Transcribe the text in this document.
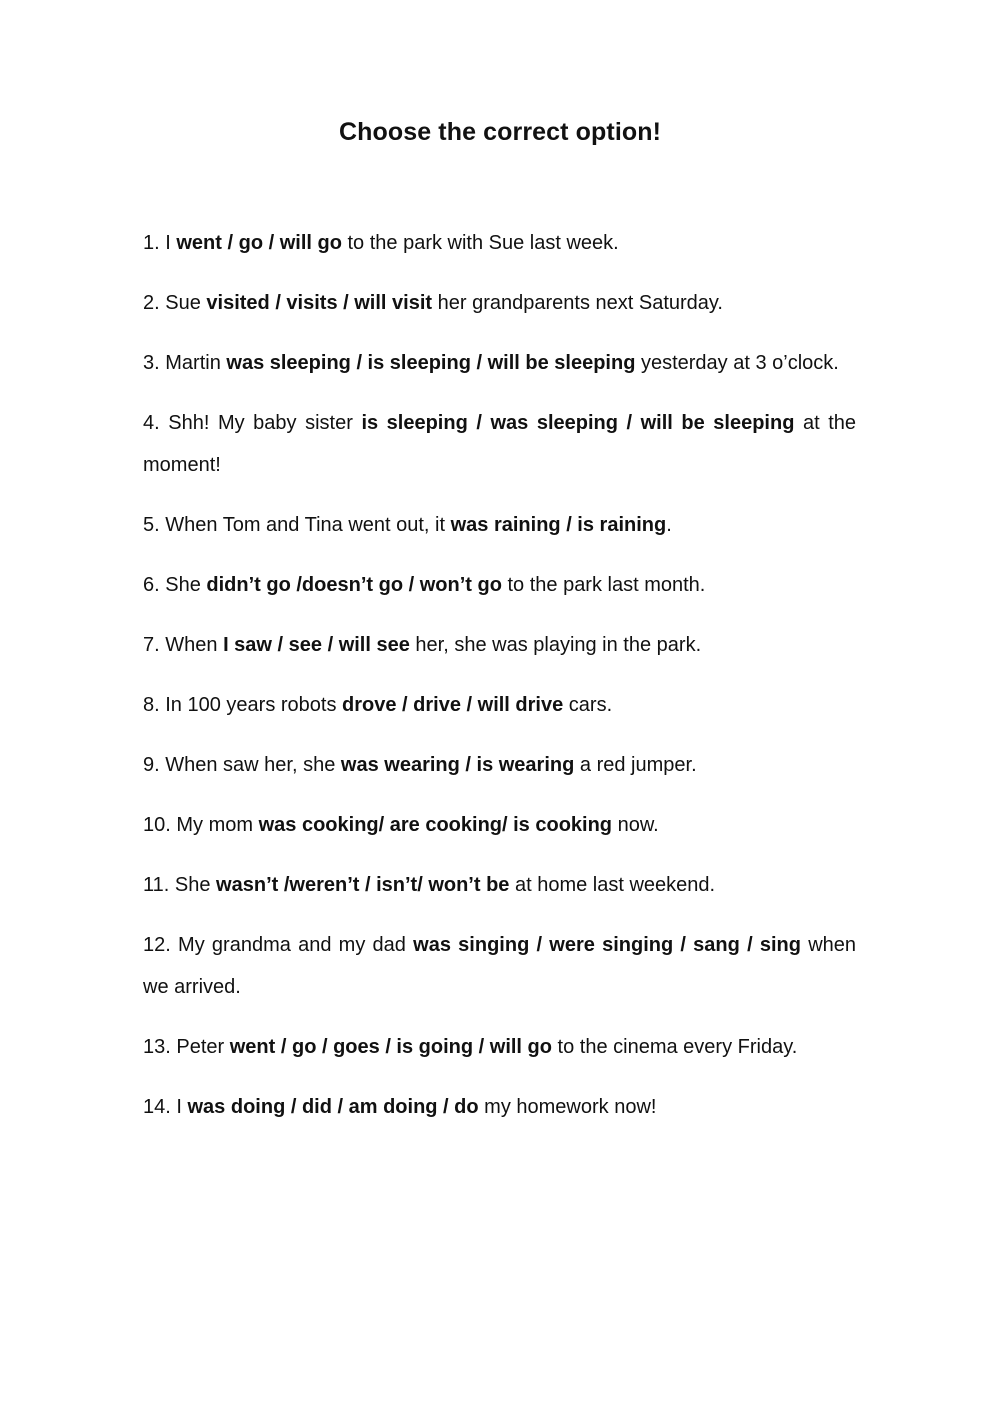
Choose the correct option!
1. I went / go / will go to the park with Sue last week.
2. Sue visited / visits / will visit her grandparents next Saturday.
3. Martin was sleeping / is sleeping / will be sleeping yesterday at 3 o’clock.
4. Shh! My baby sister is sleeping / was sleeping / will be sleeping at the moment!
5. When Tom and Tina went out, it was raining / is raining.
6. She didn’t go /doesn’t go / won’t go to the park last month.
7. When I saw / see / will see her, she was playing in the park.
8. In 100 years robots drove / drive / will drive cars.
9. When saw her, she was wearing / is wearing a red jumper.
10. My mom was cooking/ are cooking/ is cooking now.
11. She wasn’t /weren’t / isn’t/ won’t be at home last weekend.
12. My grandma and my dad was singing / were singing / sang / sing when we arrived.
13. Peter went / go / goes / is going / will go to the cinema every Friday.
14. I was doing / did / am doing / do my homework now!
